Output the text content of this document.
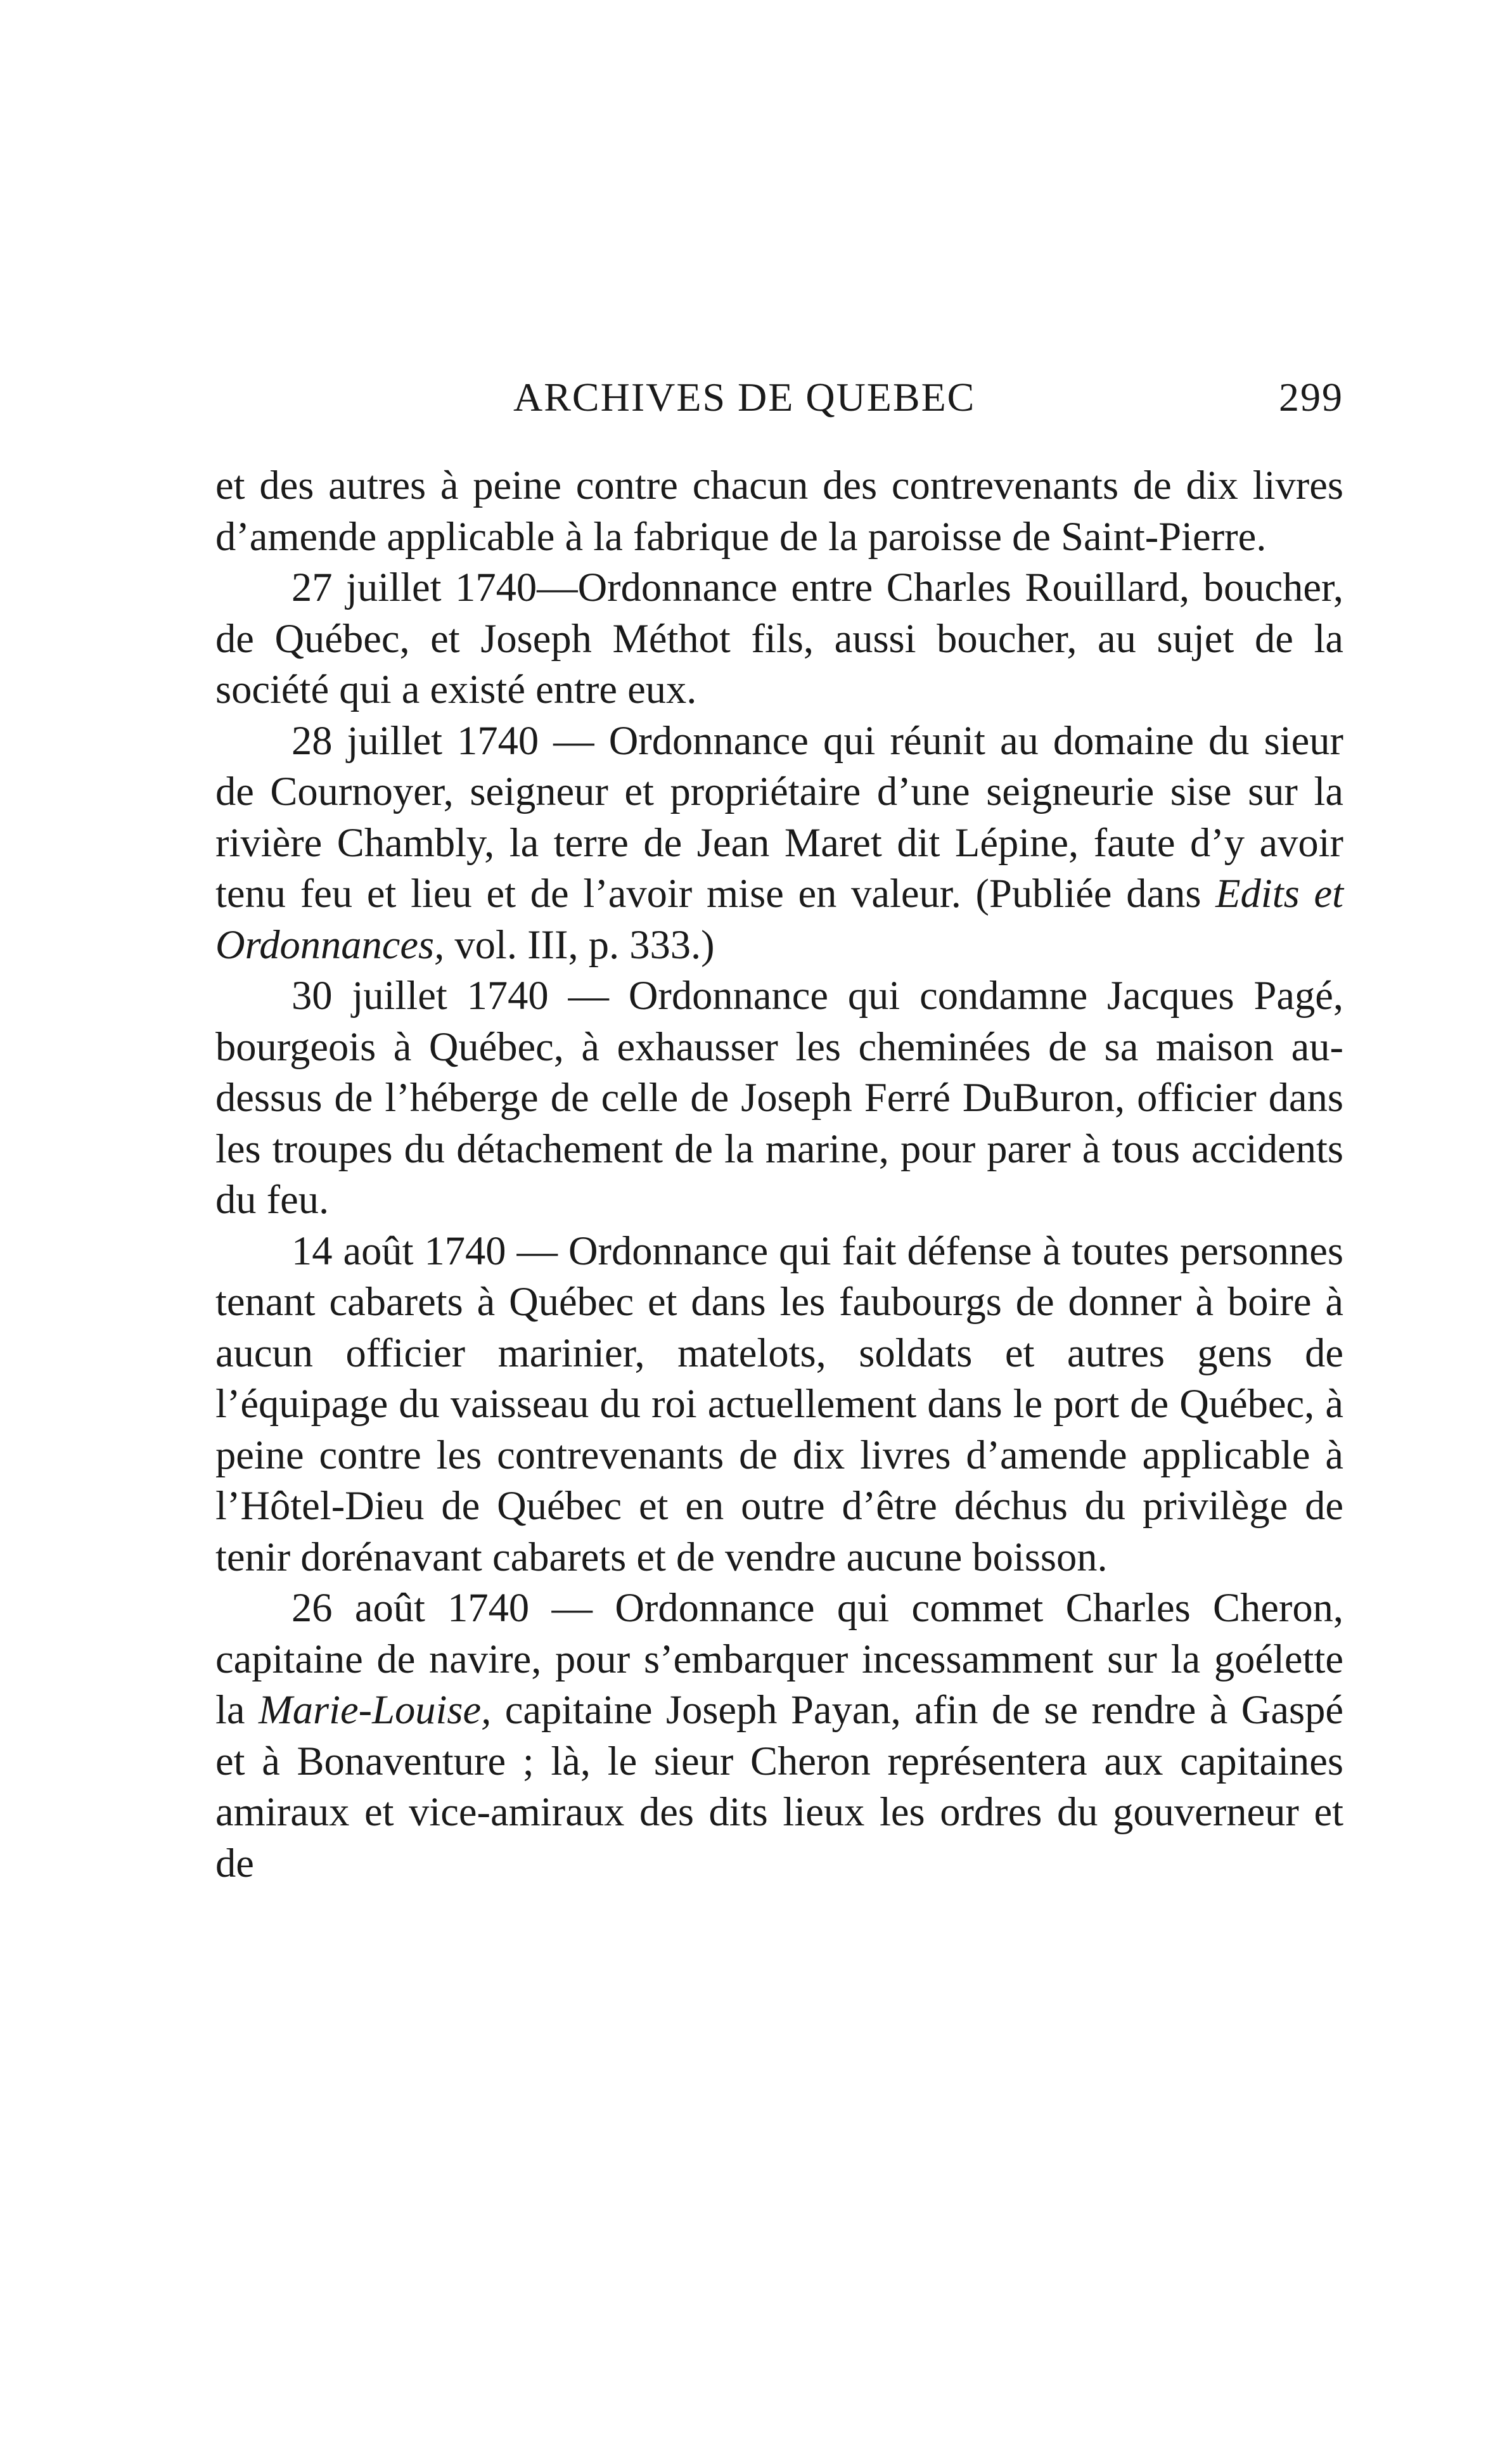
ARCHIVES DE QUEBEC	299

et des autres à peine contre chacun des contrevenants de dix livres d’amende applicable à la fabrique de la paroisse de Saint-Pierre.

27 juillet 1740—Ordonnance entre Charles Rouillard, boucher, de Québec, et Joseph Méthot fils, aussi boucher, au sujet de la société qui a existé entre eux.

28 juillet 1740 — Ordonnance qui réunit au domaine du sieur de Cournoyer, seigneur et propriétaire d’une seigneurie sise sur la rivière Chambly, la terre de Jean Maret dit Lépine, faute d’y avoir tenu feu et lieu et de l’avoir mise en valeur. (Publiée dans Edits et Ordonnances, vol. III, p. 333.)

30 juillet 1740 — Ordonnance qui condamne Jacques Pagé, bourgeois à Québec, à exhausser les cheminées de sa maison au-dessus de l’héberge de celle de Joseph Ferré DuBuron, officier dans les troupes du détachement de la marine, pour parer à tous accidents du feu.

14 août 1740 — Ordonnance qui fait défense à toutes personnes tenant cabarets à Québec et dans les faubourgs de donner à boire à aucun officier marinier, matelots, soldats et autres gens de l’équipage du vaisseau du roi actuellement dans le port de Québec, à peine contre les contrevenants de dix livres d’amende applicable à l’Hôtel-Dieu de Québec et en outre d’être déchus du privilège de tenir dorénavant cabarets et de vendre aucune boisson.

26 août 1740 — Ordonnance qui commet Charles Cheron, capitaine de navire, pour s’embarquer incessamment sur la goélette la Marie-Louise, capitaine Joseph Payan, afin de se rendre à Gaspé et à Bonaventure ; là, le sieur Cheron représentera aux capitaines amiraux et vice-amiraux des dits lieux les ordres du gouverneur et de
